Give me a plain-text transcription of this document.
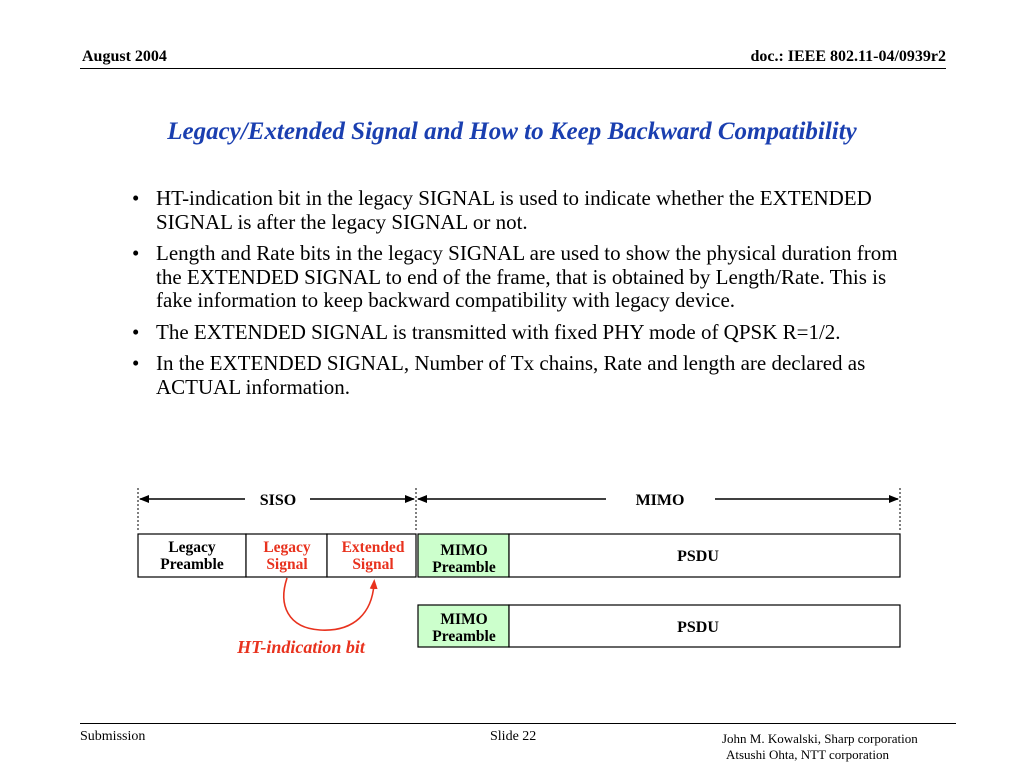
August 2004	doc.: IEEE 802.11-04/0939r2
Legacy/Extended Signal and How to Keep Backward Compatibility
• HT-indication bit in the legacy SIGNAL is used to indicate whether the EXTENDED SIGNAL is after the legacy SIGNAL or not.
• Length and Rate bits in the legacy SIGNAL are used to show the physical duration from the EXTENDED SIGNAL to end of the frame, that is obtained by Length/Rate. This is fake information to keep backward compatibility with legacy device.
• The EXTENDED SIGNAL is transmitted with fixed PHY mode of QPSK R=1/2.
• In the EXTENDED SIGNAL, Number of Tx chains, Rate and length are declared as ACTUAL information.
SISO	MIMO
Legacy
Preamble
Legacy
Signal
Extended
Signal
MIMO
Preamble
PSDU
MIMO
Preamble
PSDU
HT-indication bit
Submission	Slide 22	John M. Kowalski, Sharp corporation
Atsushi Ohta, NTT corporation
